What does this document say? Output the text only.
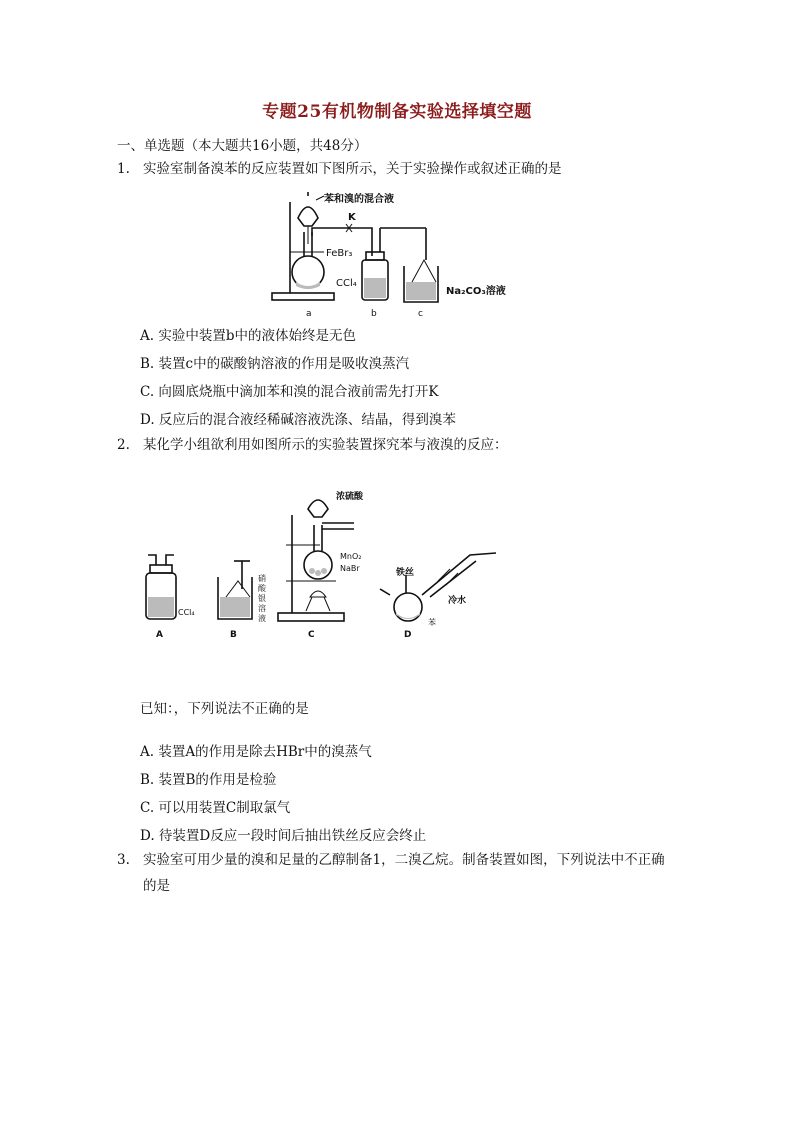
专题25有机物制备实验选择填空题
一、单选题（本大题共16小题，共48分）
1. 实验室制备溴苯的反应装置如下图所示，关于实验操作或叙述正确的是
K
苯和溴的混合液
FeBr₃
CCl₄
Na₂CO₃溶液
a	b	c
A. 实验中装置b中的液体始终是无色
B. 装置c中的碳酸钠溶液的作用是吸收溴蒸汽
C. 向圆底烧瓶中滴加苯和溴的混合液前需先打开K
D. 反应后的混合液经稀碱溶液洗涤、结晶，得到溴苯
2. 某化学小组欲利用如图所示的实验装置探究苯与液溴的反应：
CCl₄
A
硝
酸
银
溶
液
B
浓硫酸
MnO₂
NaBr
C
铁丝
冷水
苯
D
已知：，下列说法不正确的是
A. 装置A的作用是除去HBr中的溴蒸气
B. 装置B的作用是检验
C. 可以用装置C制取氯气
D. 待装置D反应一段时间后抽出铁丝反应会终止
3. 实验室可用少量的溴和足量的乙醇制备1，二溴乙烷。制备装置如图，下列说法中不正确
的是
